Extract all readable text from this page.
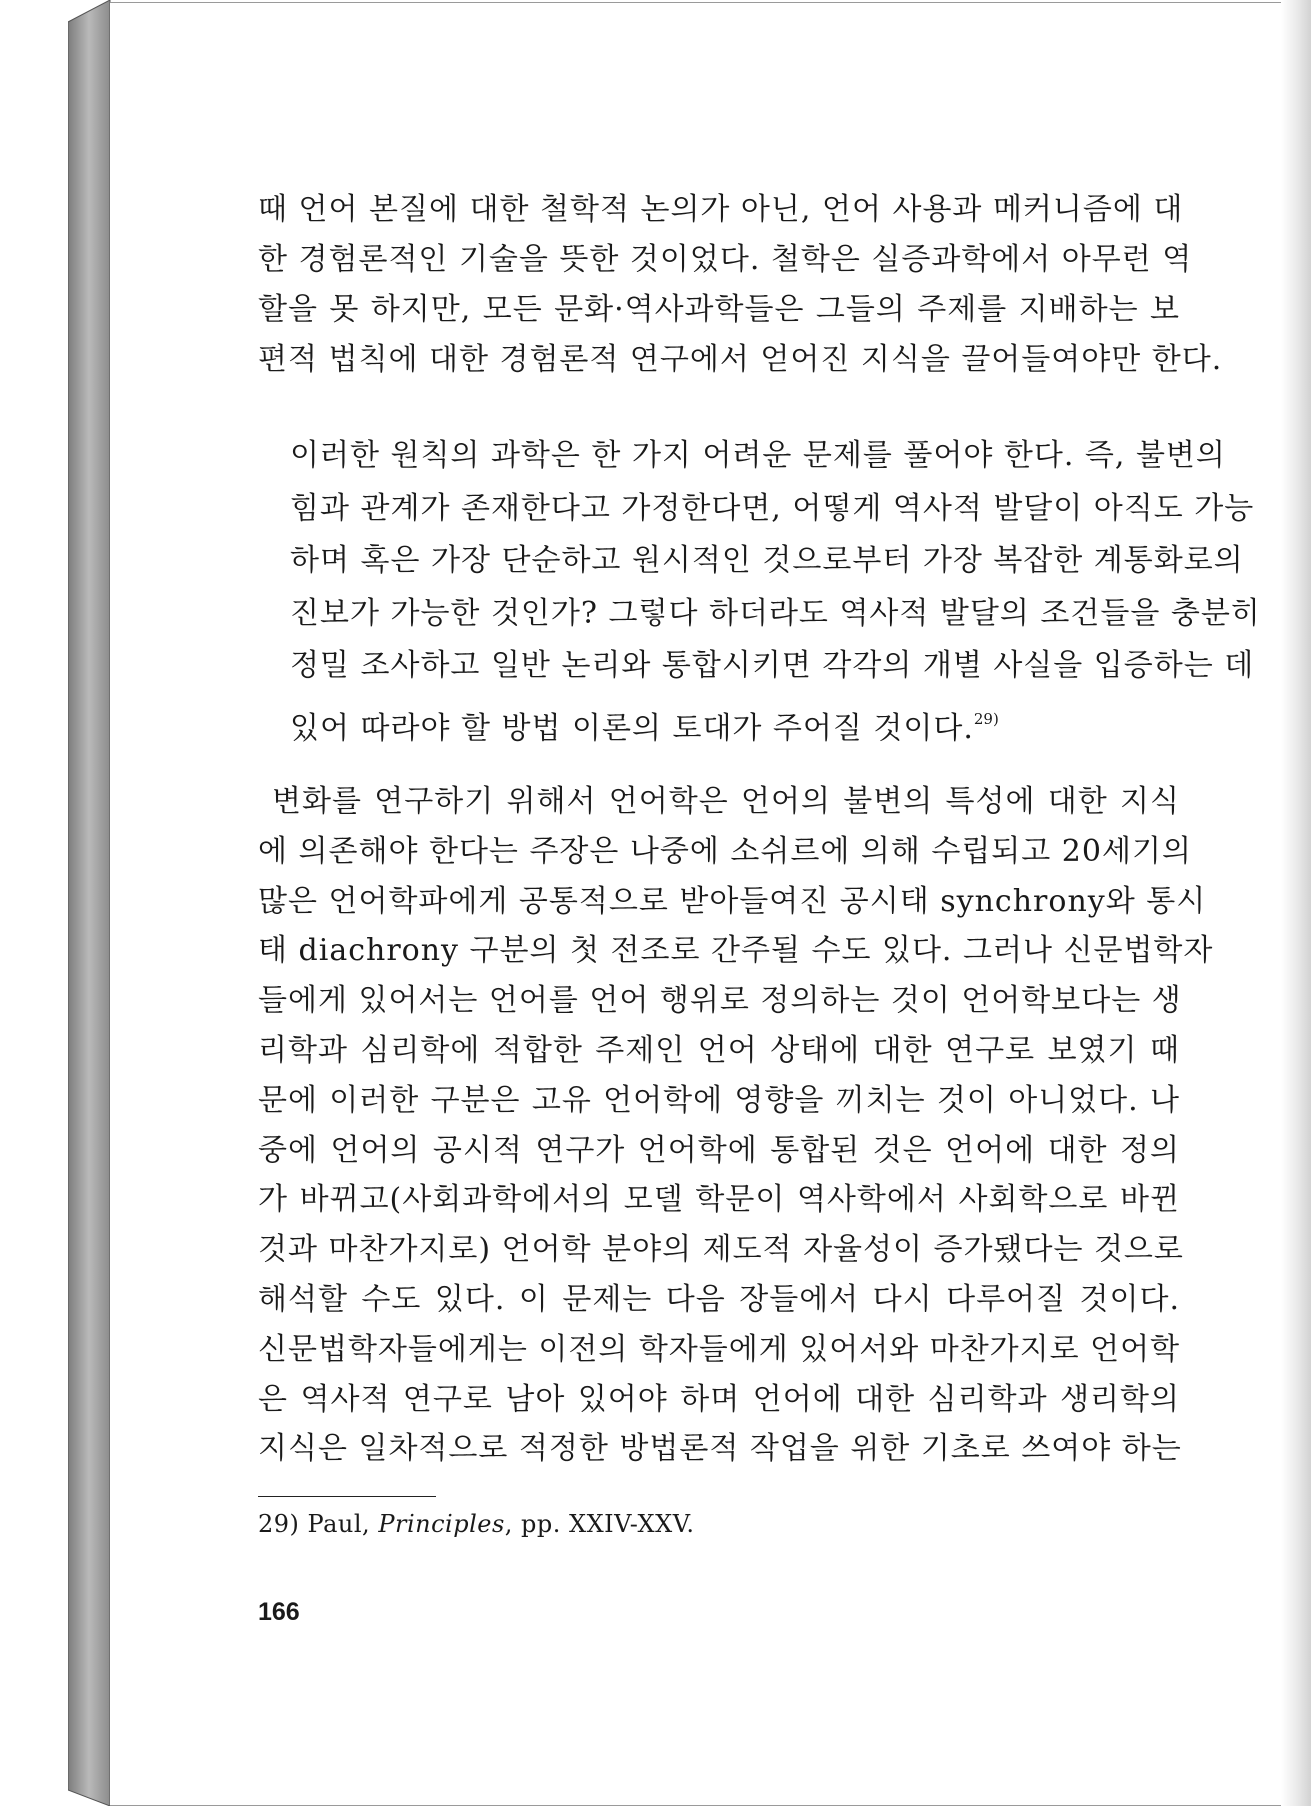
때 언어 본질에 대한 철학적 논의가 아닌, 언어 사용과 메커니즘에 대
한 경험론적인 기술을 뜻한 것이었다. 철학은 실증과학에서 아무런 역
할을 못 하지만, 모든 문화·역사과학들은 그들의 주제를 지배하는 보
편적 법칙에 대한 경험론적 연구에서 얻어진 지식을 끌어들여야만 한다.
이러한 원칙의 과학은 한 가지 어려운 문제를 풀어야 한다. 즉, 불변의
힘과 관계가 존재한다고 가정한다면, 어떻게 역사적 발달이 아직도 가능
하며 혹은 가장 단순하고 원시적인 것으로부터 가장 복잡한 계통화로의
진보가 가능한 것인가? 그렇다 하더라도 역사적 발달의 조건들을 충분히
정밀 조사하고 일반 논리와 통합시키면 각각의 개별 사실을 입증하는 데
있어 따라야 할 방법 이론의 토대가 주어질 것이다.$^{29)}$
변화를 연구하기 위해서 언어학은 언어의 불변의 특성에 대한 지식
에 의존해야 한다는 주장은 나중에 소쉬르에 의해 수립되고 20세기의
많은 언어학파에게 공통적으로 받아들여진 공시태 synchrony와 통시
태 diachrony 구분의 첫 전조로 간주될 수도 있다. 그러나 신문법학자
들에게 있어서는 언어를 언어 행위로 정의하는 것이 언어학보다는 생
리학과 심리학에 적합한 주제인 언어 상태에 대한 연구로 보였기 때
문에 이러한 구분은 고유 언어학에 영향을 끼치는 것이 아니었다. 나
중에 언어의 공시적 연구가 언어학에 통합된 것은 언어에 대한 정의
가 바뀌고(사회과학에서의 모델 학문이 역사학에서 사회학으로 바뀐
것과 마찬가지로) 언어학 분야의 제도적 자율성이 증가됐다는 것으로
해석할 수도 있다. 이 문제는 다음 장들에서 다시 다루어질 것이다.
신문법학자들에게는 이전의 학자들에게 있어서와 마찬가지로 언어학
은 역사적 연구로 남아 있어야 하며 언어에 대한 심리학과 생리학의
지식은 일차적으로 적정한 방법론적 작업을 위한 기초로 쓰여야 하는
29) Paul, Principles, pp. XXIV-XXV.
166
